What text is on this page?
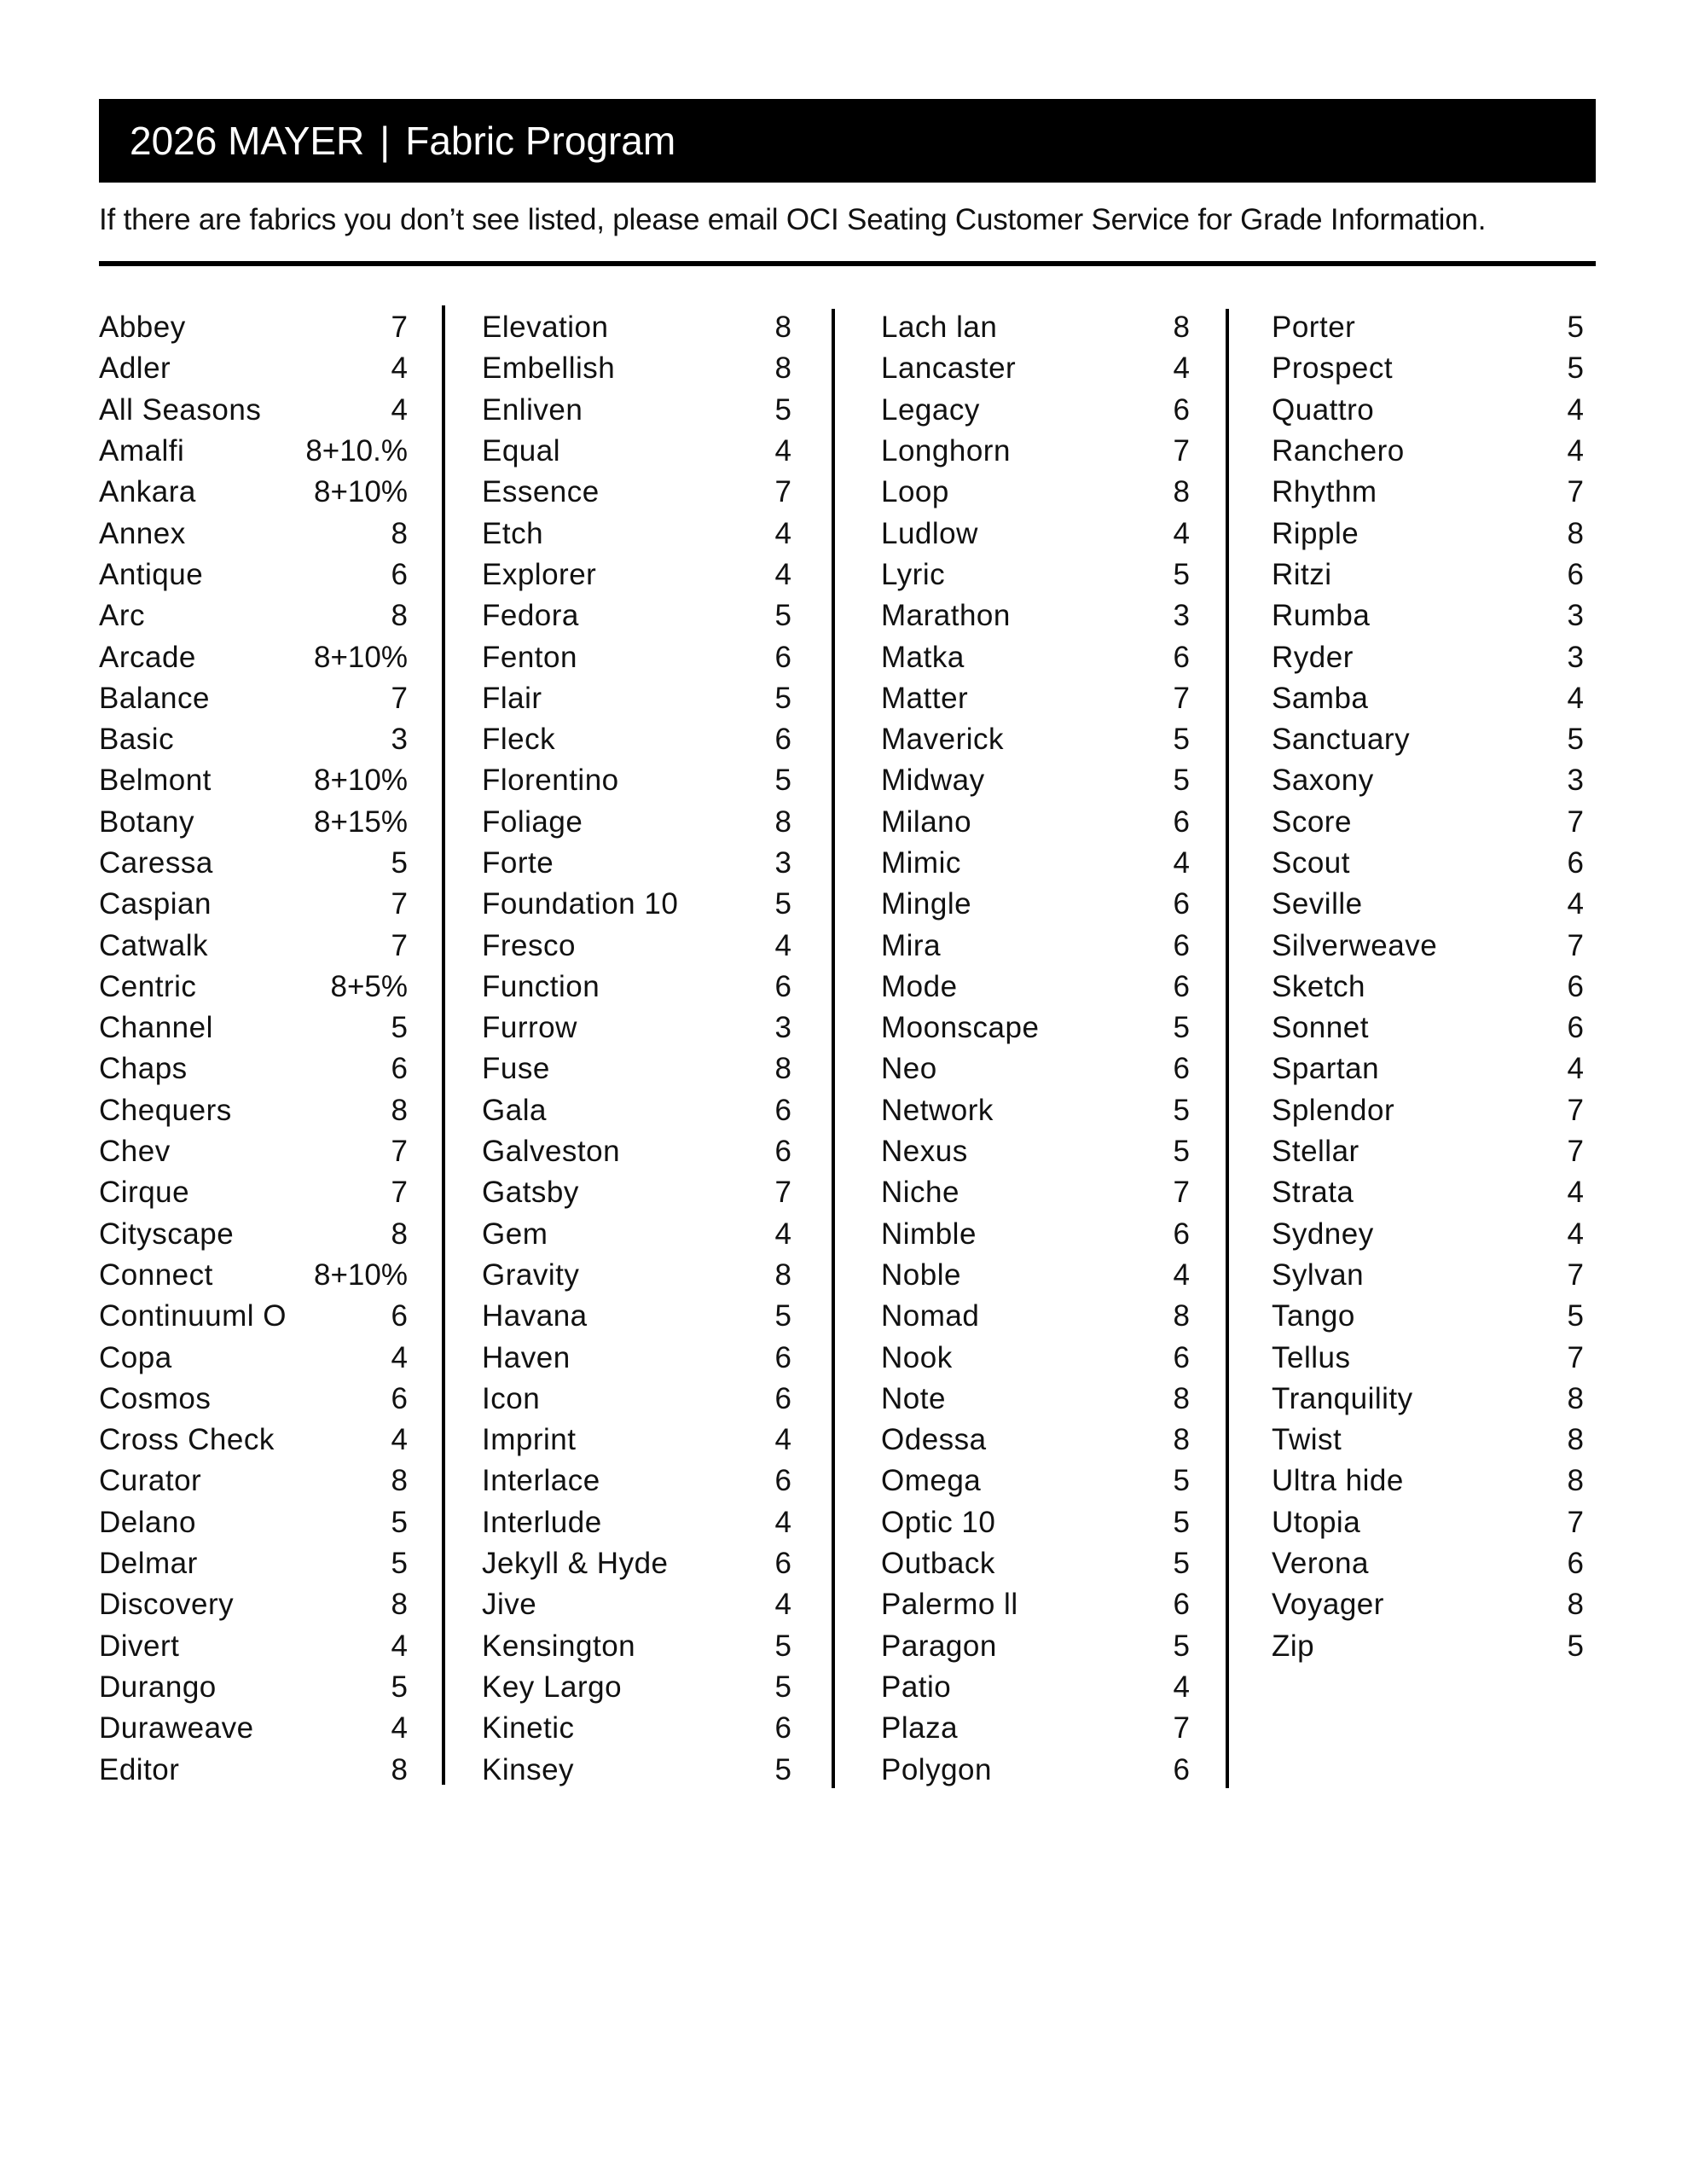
2026 MAYER | Fabric Program
If there are fabrics you don’t see listed, please email OCI Seating Customer Service for Grade Information.
Abbey	7
Adler	4
All Seasons	4
Amalfi	8+10.%
Ankara	8+10%
Annex	8
Antique	6
Arc	8
Arcade	8+10%
Balance	7
Basic	3
Belmont	8+10%
Botany	8+15%
Caressa	5
Caspian	7
Catwalk	7
Centric	8+5%
Channel	5
Chaps	6
Chequers	8
Chev	7
Cirque	7
Cityscape	8
Connect	8+10%
Continuuml O	6
Copa	4
Cosmos	6
Cross Check	4
Curator	8
Delano	5
Delmar	5
Discovery	8
Divert	4
Durango	5
Duraweave	4
Editor	8
Elevation	8
Embellish	8
Enliven	5
Equal	4
Essence	7
Etch	4
Explorer	4
Fedora	5
Fenton	6
Flair	5
Fleck	6
Florentino	5
Foliage	8
Forte	3
Foundation 10	5
Fresco	4
Function	6
Furrow	3
Fuse	8
Gala	6
Galveston	6
Gatsby	7
Gem	4
Gravity	8
Havana	5
Haven	6
Icon	6
Imprint	4
Interlace	6
Interlude	4
Jekyll & Hyde	6
Jive	4
Kensington	5
Key Largo	5
Kinetic	6
Kinsey	5
Lach lan	8
Lancaster	4
Legacy	6
Longhorn	7
Loop	8
Ludlow	4
Lyric	5
Marathon	3
Matka	6
Matter	7
Maverick	5
Midway	5
Milano	6
Mimic	4
Mingle	6
Mira	6
Mode	6
Moonscape	5
Neo	6
Network	5
Nexus	5
Niche	7
Nimble	6
Noble	4
Nomad	8
Nook	6
Note	8
Odessa	8
Omega	5
Optic 10	5
Outback	5
Palermo ll	6
Paragon	5
Patio	4
Plaza	7
Polygon	6
Porter	5
Prospect	5
Quattro	4
Ranchero	4
Rhythm	7
Ripple	8
Ritzi	6
Rumba	3
Ryder	3
Samba	4
Sanctuary	5
Saxony	3
Score	7
Scout	6
Seville	4
Silverweave	7
Sketch	6
Sonnet	6
Spartan	4
Splendor	7
Stellar	7
Strata	4
Sydney	4
Sylvan	7
Tango	5
Tellus	7
Tranquility	8
Twist	8
Ultra hide	8
Utopia	7
Verona	6
Voyager	8
Zip	5
